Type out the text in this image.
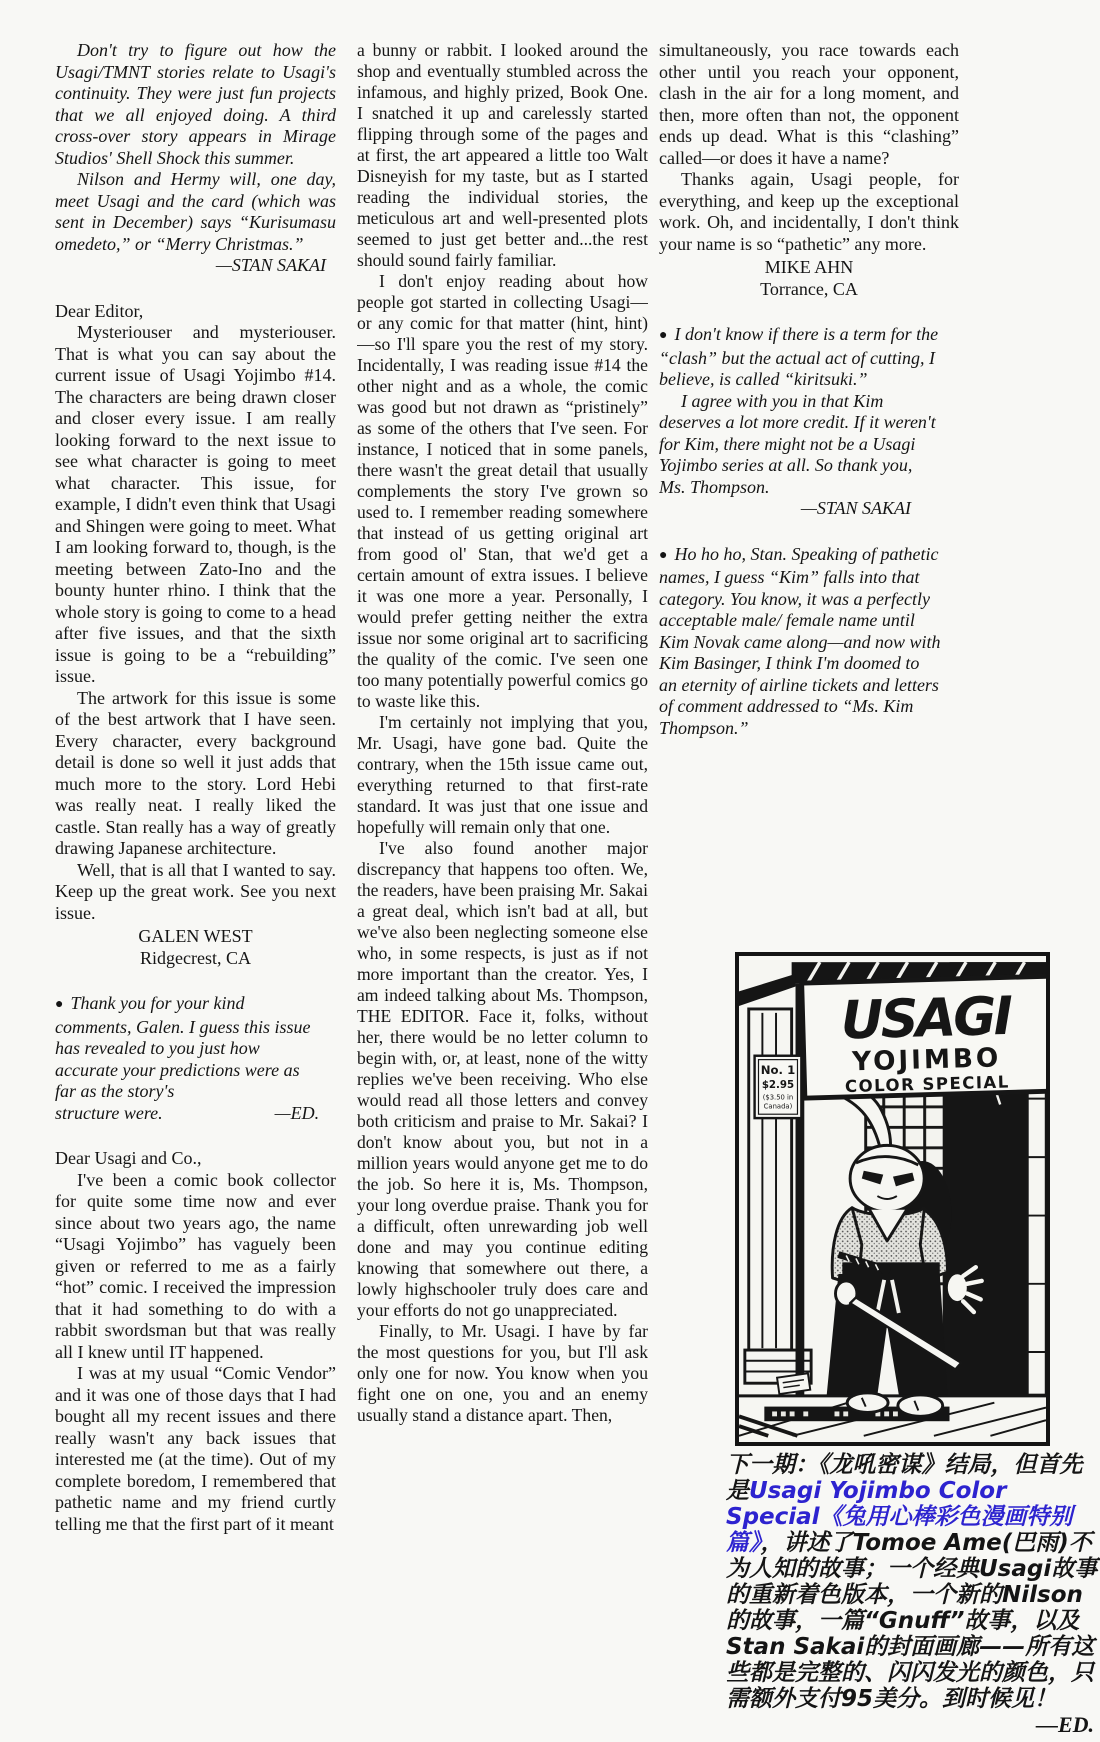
Don't try to figure out how the Usagi/TMNT stories relate to Usagi's continuity. They were just fun projects that we all enjoyed doing. A third cross-over story appears in Mirage Studios' Shell Shock this summer.

Nilson and Hermy will, one day, meet Usagi and the card (which was sent in December) says “Kurisumasu omedeto,” or “Merry Christmas.”

—STAN SAKAI

Dear Editor,

Mysteriouser and mysteriouser. That is what you can say about the current issue of Usagi Yojimbo #14. The characters are being drawn closer and closer every issue. I am really looking forward to the next issue to see what character is going to meet what character. This issue, for example, I didn't even think that Usagi and Shingen were going to meet. What I am looking forward to, though, is the meeting between Zato-Ino and the bounty hunter rhino. I think that the whole story is going to come to a head after five issues, and that the sixth issue is going to be a “rebuilding” issue.

The artwork for this issue is some of the best artwork that I have seen. Every character, every background detail is done so well it just adds that much more to the story. Lord Hebi was really neat. I really liked the castle. Stan really has a way of greatly drawing Japanese architecture.

Well, that is all that I wanted to say. Keep up the great work. See you next issue.

GALEN WEST

Ridgecrest, CA

● Thank you for your kind comments, Galen. I guess this issue has revealed to you just how accurate your predictions were as far as the story's

structure were.	—ED.

Dear Usagi and Co.,

I've been a comic book collector for quite some time now and ever since about two years ago, the name “Usagi Yojimbo” has vaguely been given or referred to me as a fairly “hot” comic. I received the impression that it had something to do with a rabbit swordsman but that was really all I knew until IT happened.

I was at my usual “Comic Vendor” and it was one of those days that I had bought all my recent issues and there really wasn't any back issues that interested me (at the time). Out of my complete boredom, I remembered that pathetic name and my friend curtly telling me that the first part of it meant

a bunny or rabbit. I looked around the shop and eventually stumbled across the infamous, and highly prized, Book One. I snatched it up and carelessly started flipping through some of the pages and at first, the art appeared a little too Walt Disneyish for my taste, but as I started reading the individual stories, the meticulous art and well-presented plots seemed to just get better and...the rest should sound fairly familiar.

I don't enjoy reading about how people got started in collecting Usagi—or any comic for that matter (hint, hint)—so I'll spare you the rest of my story. Incidentally, I was reading issue #14 the other night and as a whole, the comic was good but not drawn as “pristinely” as some of the others that I've seen. For instance, I noticed that in some panels, there wasn't the great detail that usually complements the story I've grown so used to. I remember reading somewhere that instead of us getting original art from good ol' Stan, that we'd get a certain amount of extra issues. I believe it was one more a year. Personally, I would prefer getting neither the extra issue nor some original art to sacrificing the quality of the comic. I've seen one too many potentially powerful comics go to waste like this.

I'm certainly not implying that you, Mr. Usagi, have gone bad. Quite the contrary, when the 15th issue came out, everything returned to that first-rate standard. It was just that one issue and hopefully will remain only that one.

I've also found another major discrepancy that happens too often. We, the readers, have been praising Mr. Sakai a great deal, which isn't bad at all, but we've also been neglecting someone else who, in some respects, is just as if not more important than the creator. Yes, I am indeed talking about Ms. Thompson, THE EDITOR. Face it, folks, without her, there would be no letter column to begin with, or, at least, none of the witty replies we've been receiving. Who else would read all those letters and convey both criticism and praise to Mr. Sakai? I don't know about you, but not in a million years would anyone get me to do the job. So here it is, Ms. Thompson, your long overdue praise. Thank you for a difficult, often unrewarding job well done and may you continue editing knowing that somewhere out there, a lowly highschooler truly does care and your efforts do not go unappreciated.

Finally, to Mr. Usagi. I have by far the most questions for you, but I'll ask only one for now. You know when you fight one on one, you and an enemy usually stand a distance apart. Then,

simultaneously, you race towards each other until you reach your opponent, clash in the air for a long moment, and then, more often than not, the opponent ends up dead. What is this “clashing” called—or does it have a name?

Thanks again, Usagi people, for everything, and keep up the exceptional work. Oh, and incidentally, I don't think your name is so “pathetic” any more.

MIKE AHN

Torrance, CA

● I don't know if there is a term for the “clash” but the actual act of cutting, I believe, is called “kiritsuki.”

I agree with you in that Kim deserves a lot more credit. If it weren't for Kim, there might not be a Usagi Yojimbo series at all. So thank you, Ms. Thompson.

—STAN SAKAI

● Ho ho ho, Stan. Speaking of pathetic names, I guess “Kim” falls into that category. You know, it was a perfectly acceptable male/ female name until Kim Novak came along—and now with Kim Basinger, I think I'm doomed to an eternity of airline tickets and letters of comment addressed to “Ms. Kim Thompson.”

USAGI
YOJIMBO
COLOR SPECIAL
No. 1
$2.95
($3.50 in
Canada)
下一期：《龙吼密谋》结局，但首先是Usagi Yojimbo Color Special《兔用心棒彩色漫画特别篇》，讲述了Tomoe Ame(巴雨)不为人知的故事；一个经典Usagi故事的重新着色版本，一个新的Nilson的故事，一篇“Gnuff”故事，以及Stan Sakai的封面画廊——所有这些都是完整的、闪闪发光的颜色，只需额外支付95美分。到时候见！
—ED.
